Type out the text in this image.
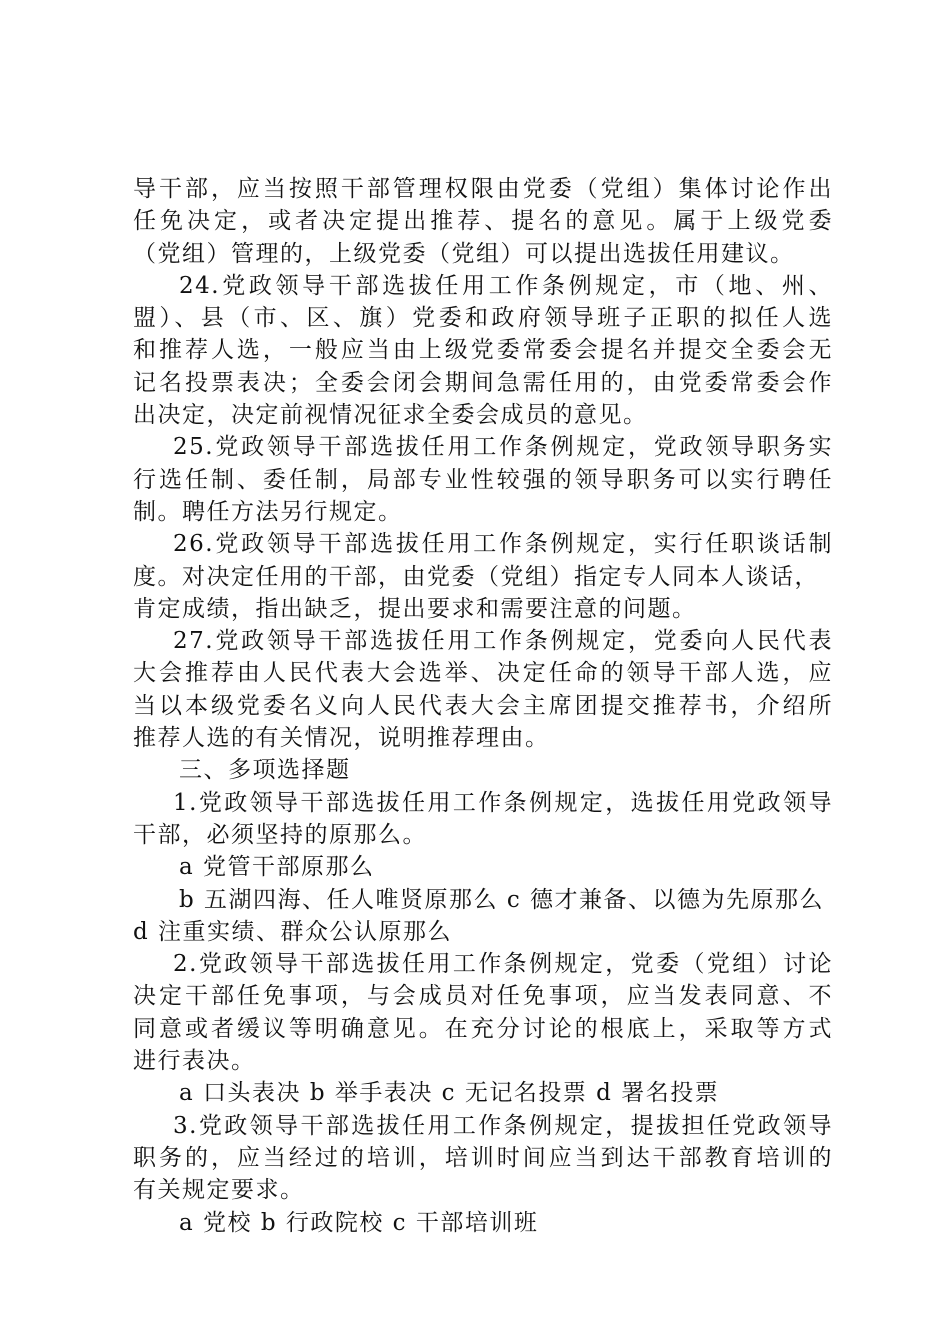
导干部，应当按照干部管理权限由党委（党组）集体讨论作出
任免决定，或者决定提出推荐、提名的意见。属于上级党委
（党组）管理的，上级党委（党组）可以提出选拔任用建议。
24.党政领导干部选拔任用工作条例规定，市（地、州、
盟）、县（市、区、旗）党委和政府领导班子正职的拟任人选
和推荐人选，一般应当由上级党委常委会提名并提交全委会无
记名投票表决；全委会闭会期间急需任用的，由党委常委会作
出决定，决定前视情况征求全委会成员的意见。
25.党政领导干部选拔任用工作条例规定，党政领导职务实
行选任制、委任制，局部专业性较强的领导职务可以实行聘任
制。聘任方法另行规定。
26.党政领导干部选拔任用工作条例规定，实行任职谈话制
度。对决定任用的干部，由党委（党组）指定专人同本人谈话，
肯定成绩，指出缺乏，提出要求和需要注意的问题。
27.党政领导干部选拔任用工作条例规定，党委向人民代表
大会推荐由人民代表大会选举、决定任命的领导干部人选，应
当以本级党委名义向人民代表大会主席团提交推荐书，介绍所
推荐人选的有关情况，说明推荐理由。
三、多项选择题
1.党政领导干部选拔任用工作条例规定，选拔任用党政领导
干部，必须坚持的原那么。
a 党管干部原那么
b 五湖四海、任人唯贤原那么 c 德才兼备、以德为先原那么
d 注重实绩、群众公认原那么
2.党政领导干部选拔任用工作条例规定，党委（党组）讨论
决定干部任免事项，与会成员对任免事项，应当发表同意、不
同意或者缓议等明确意见。在充分讨论的根底上，采取等方式
进行表决。
a 口头表决 b 举手表决 c 无记名投票 d 署名投票
3.党政领导干部选拔任用工作条例规定，提拔担任党政领导
职务的，应当经过的培训，培训时间应当到达干部教育培训的
有关规定要求。
a 党校 b 行政院校 c 干部培训班
